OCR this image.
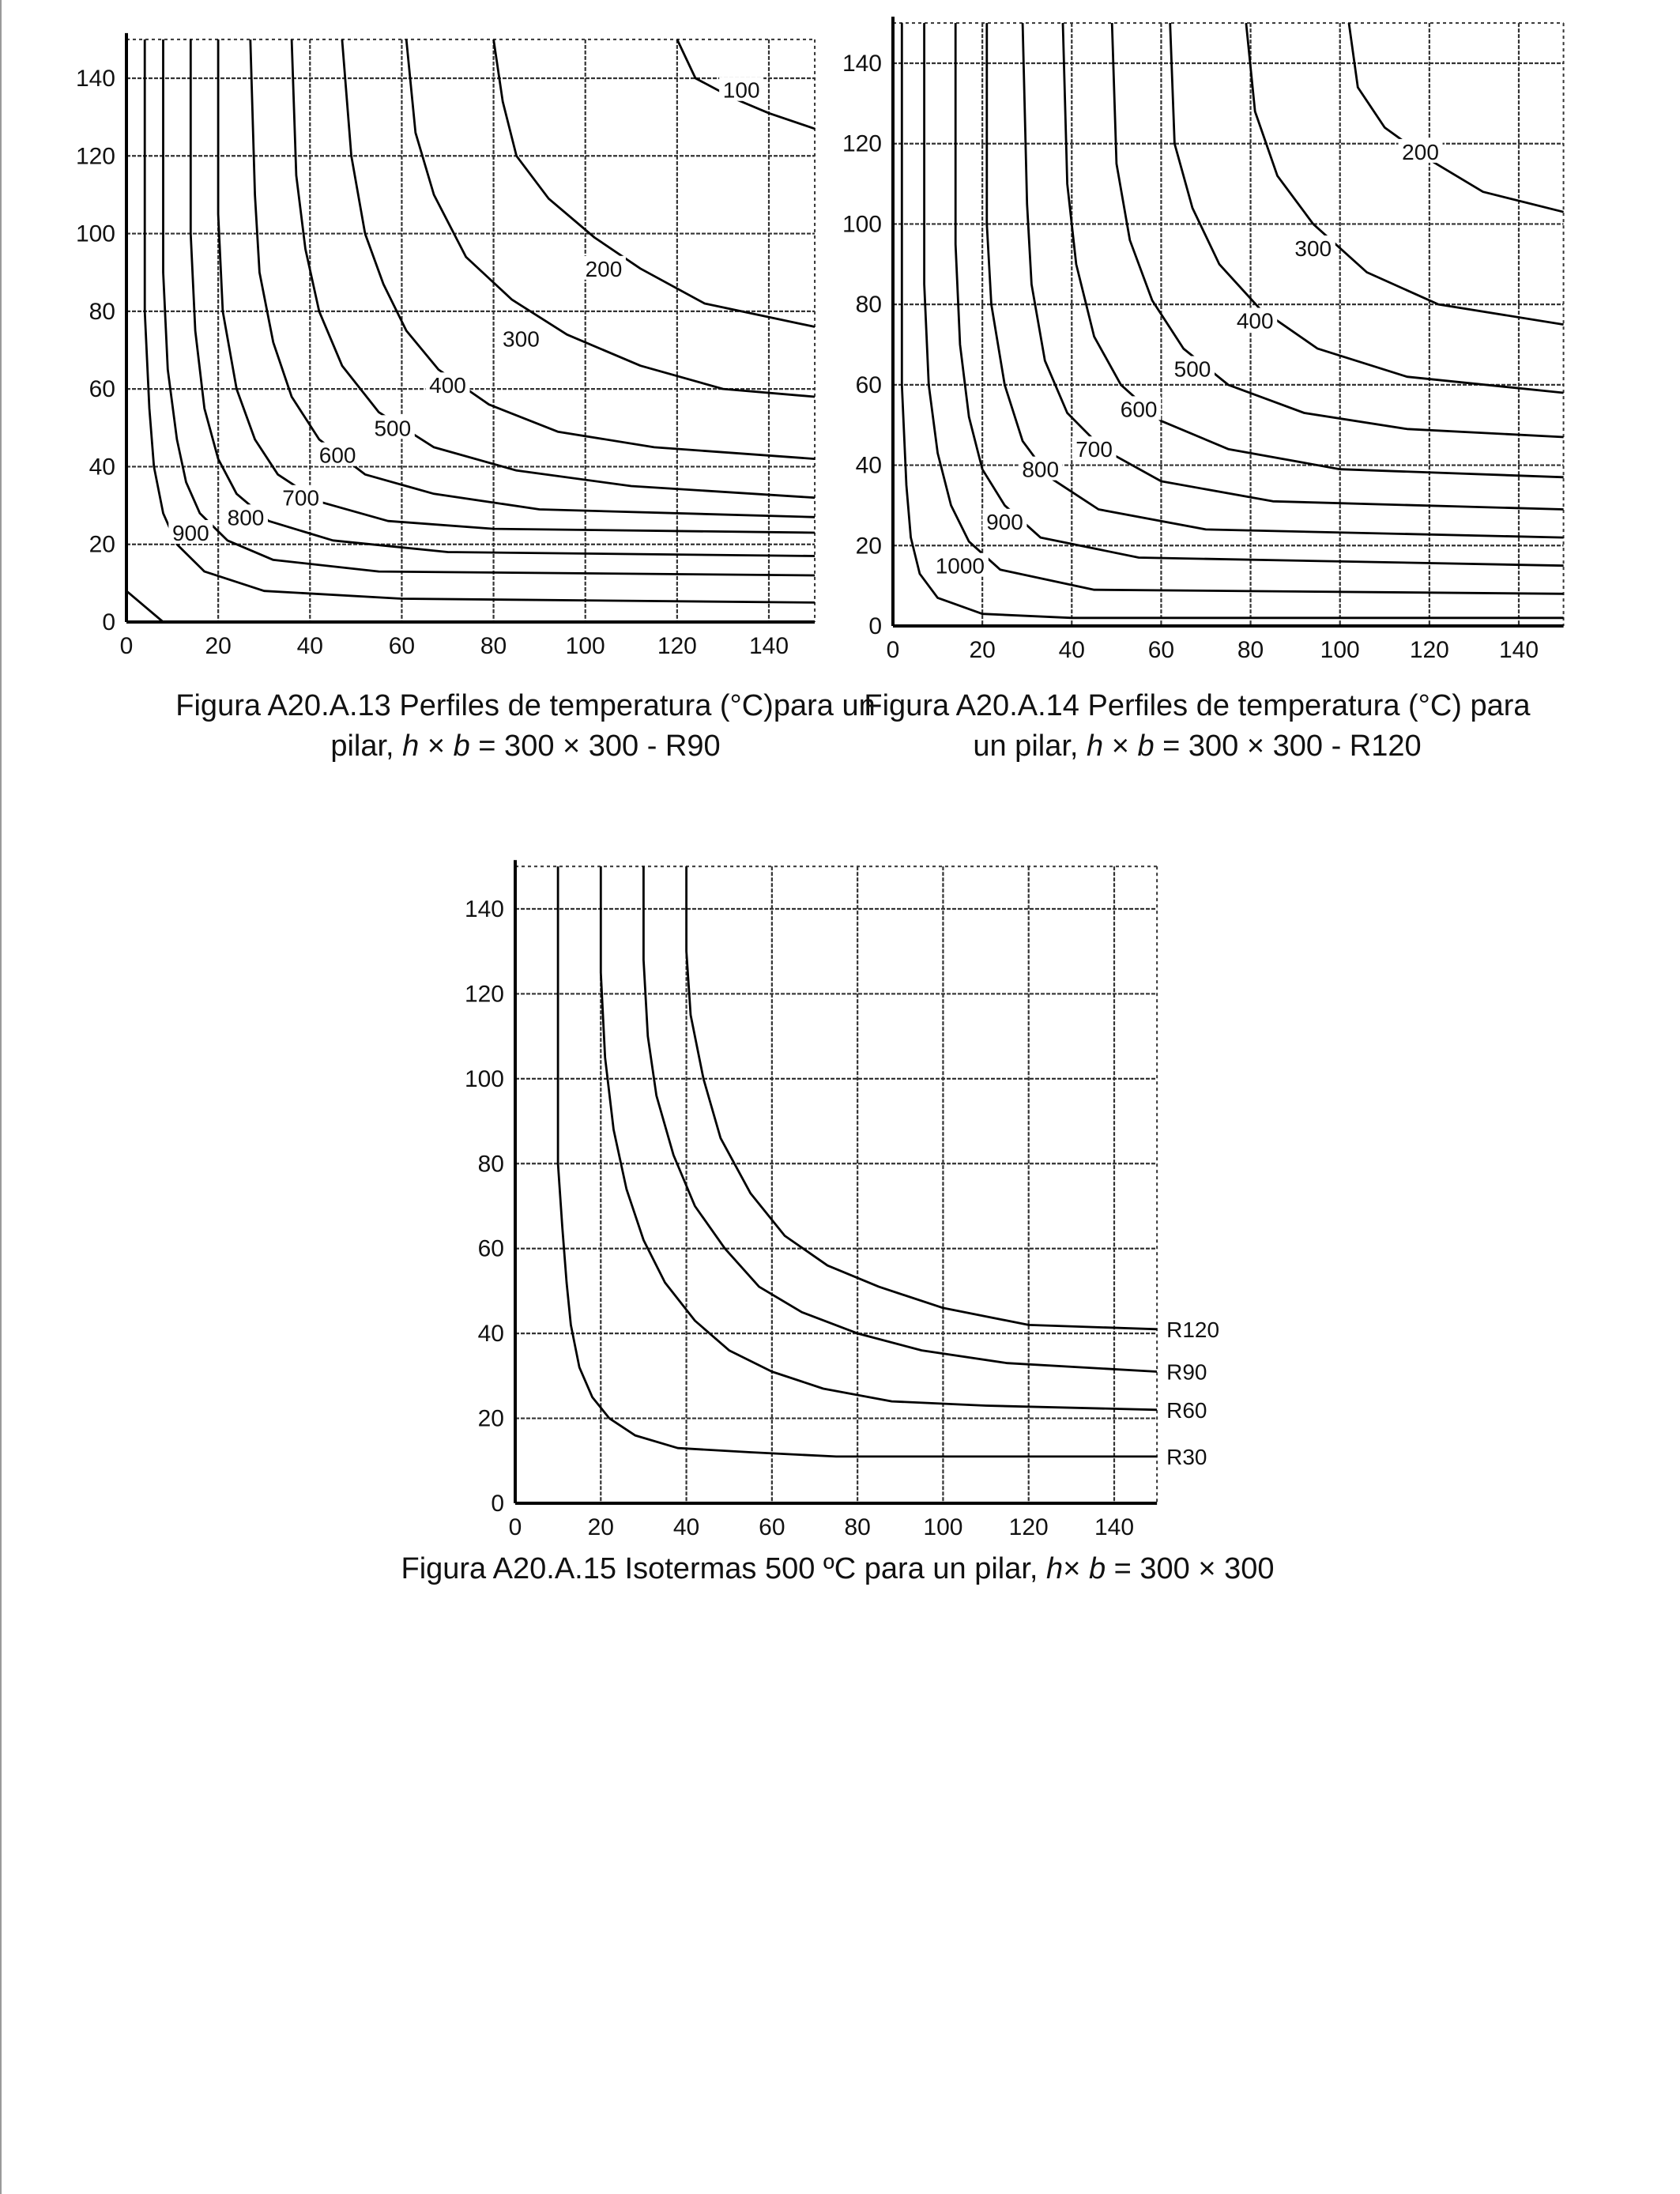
0	20	40	60	80 100 120 140
0
20
40
60
80
100
120
140	100
200
300
400
500
600
700
800
900
Figura A20.A.13 Perfiles de temperatura (°C)para un pilar, h × b = 300 × 300 - R90
0	20	40	60	80 100 120 140
0
20
40
60
80
100
120
140
200
300
400
500
600
700
800
900
1000
Figura A20.A.14 Perfiles de temperatura (°C) para un pilar, h × b = 300 × 300 - R120
0	20 40 60 80 100 120 140
0
20
40
60
80
100
120
140
R30
R60
R90
R120
Figura A20.A.15 Isotermas 500 ºC para un pilar, h× b = 300 × 300
